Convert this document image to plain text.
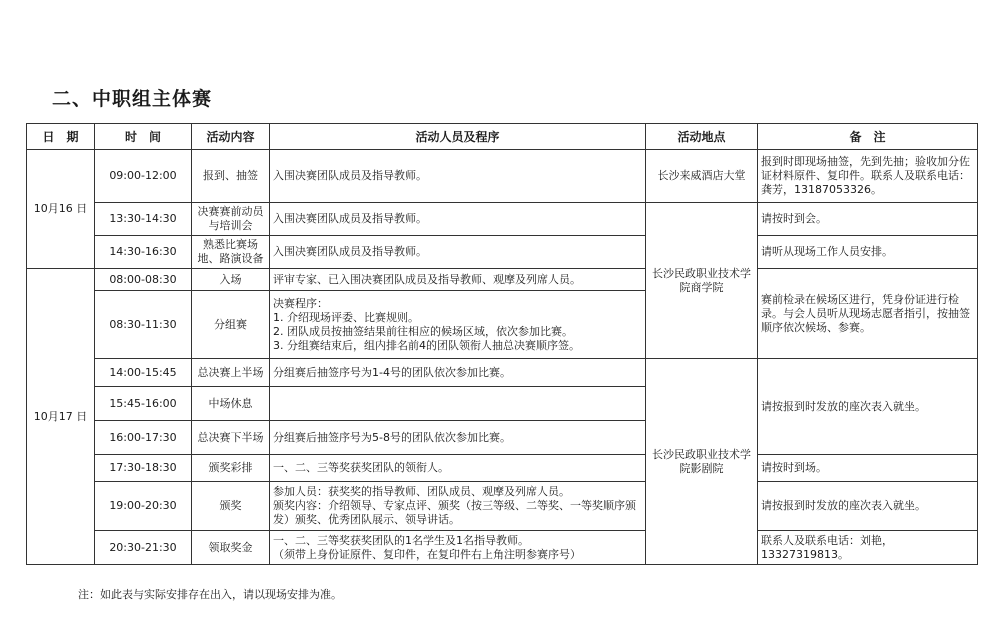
二、中职组主体赛
日　期	时　间	活动内容	活动人员及程序	活动地点	备　注
10月16 日	09:00-12:00	报到、抽签	入围决赛团队成员及指导教师。	长沙来威酒店大堂	报到时即现场抽签，先到先抽；验收加分佐证材料原件、复印件。联系人及联系电话：龚芳，13187053326。
	13:30-14:30	决赛赛前动员与培训会	入围决赛团队成员及指导教师。	长沙民政职业技术学院商学院	请按时到会。
	14:30-16:30	熟悉比赛场地、路演设备	入围决赛团队成员及指导教师。		请听从现场工作人员安排。
10月17 日	08:00-08:30	入场	评审专家、已入围决赛团队成员及指导教师、观摩及列席人员。		赛前检录在候场区进行，凭身份证进行检录。与会人员听从现场志愿者指引，按抽签顺序依次候场、参赛。
	08:30-11:30	分组赛	决赛程序：
1. 介绍现场评委、比赛规则。
2. 团队成员按抽签结果前往相应的候场区域，依次参加比赛。
3. 分组赛结束后，组内排名前4的团队领衔人抽总决赛顺序签。		

	14:00-15:45	总决赛上半场	分组赛后抽签序号为1-4号的团队依次参加比赛。	长沙民政职业技术学院影剧院	请按报到时发放的座次表入就坐。
	15:45-16:00	中场休息			
	16:00-17:30	总决赛下半场	分组赛后抽签序号为5-8号的团队依次参加比赛。		

	17:30-18:30	颁奖彩排	一、二、三等奖获奖团队的领衔人。		请按时到场。
	19:00-20:30	颁奖	参加人员：获奖奖的指导教师、团队成员、观摩及列席人员。
颁奖内容：介绍领导、专家点评、颁奖（按三等级、二等奖、一等奖顺序颁发）颁奖、优秀团队展示、领导讲话。		请按报到时发放的座次表入就坐。
	20:30-21:30	领取奖金	一、二、三等奖获奖团队的1名学生及1名指导教师。
（须带上身份证原件、复印件，在复印件右上角注明参赛序号）		联系人及联系电话：刘艳，13327319813。
注：如此表与实际安排存在出入，请以现场安排为准。
